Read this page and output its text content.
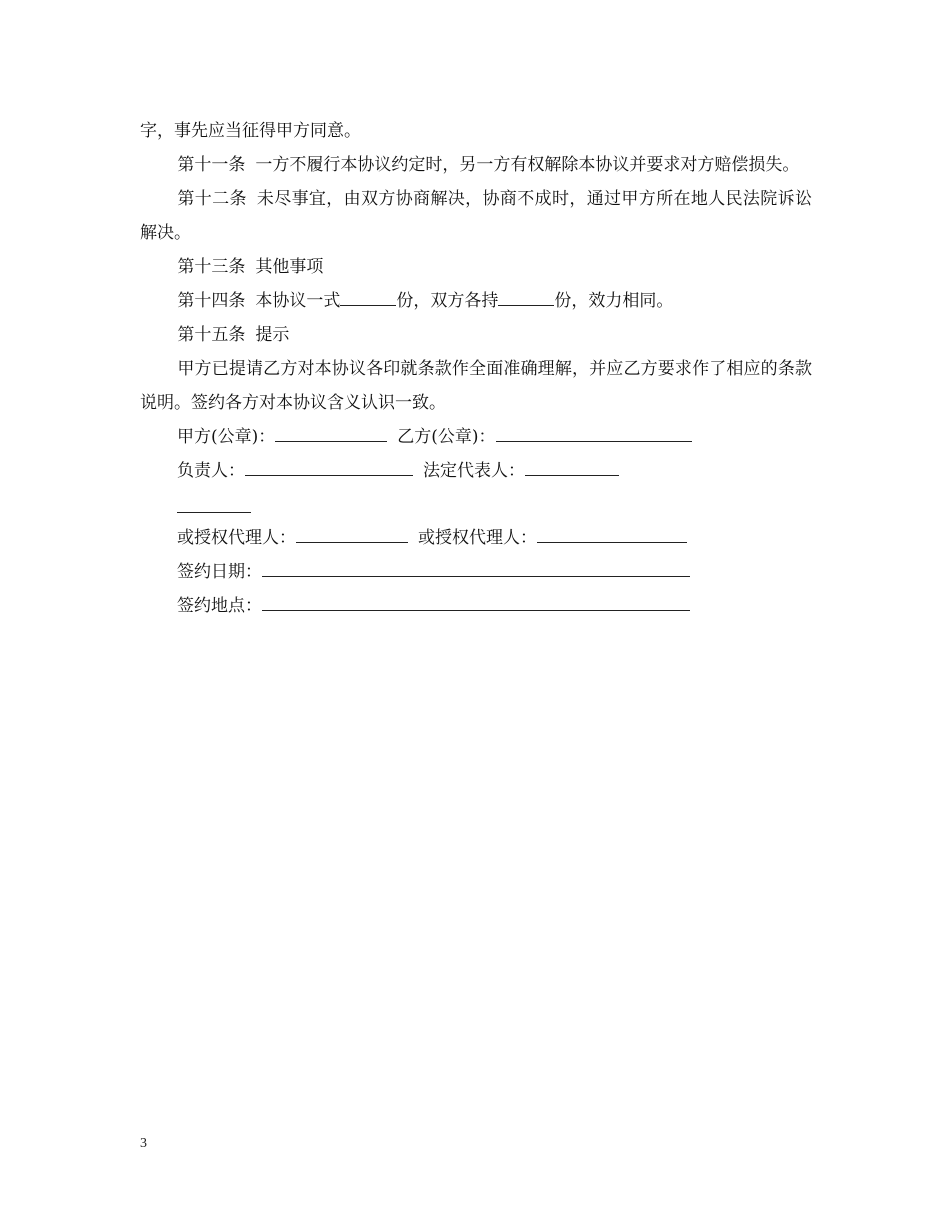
字，事先应当征得甲方同意。

第十一条 一方不履行本协议约定时，另一方有权解除本协议并要求对方赔偿损失。

第十二条 未尽事宜，由双方协商解决，协商不成时，通过甲方所在地人民法院诉讼解决。

第十三条 其他事项

第十四条 本协议一式	份，双方各持	份，效力相同。

第十五条 提示

甲方已提请乙方对本协议各印就条款作全面准确理解，并应乙方要求作了相应的条款说明。签约各方对本协议含义认识一致。

甲方(公章)：	乙方(公章)：
负责人：	法定代表人：
或授权代理人：	或授权代理人：
签约日期：
签约地点：
3
